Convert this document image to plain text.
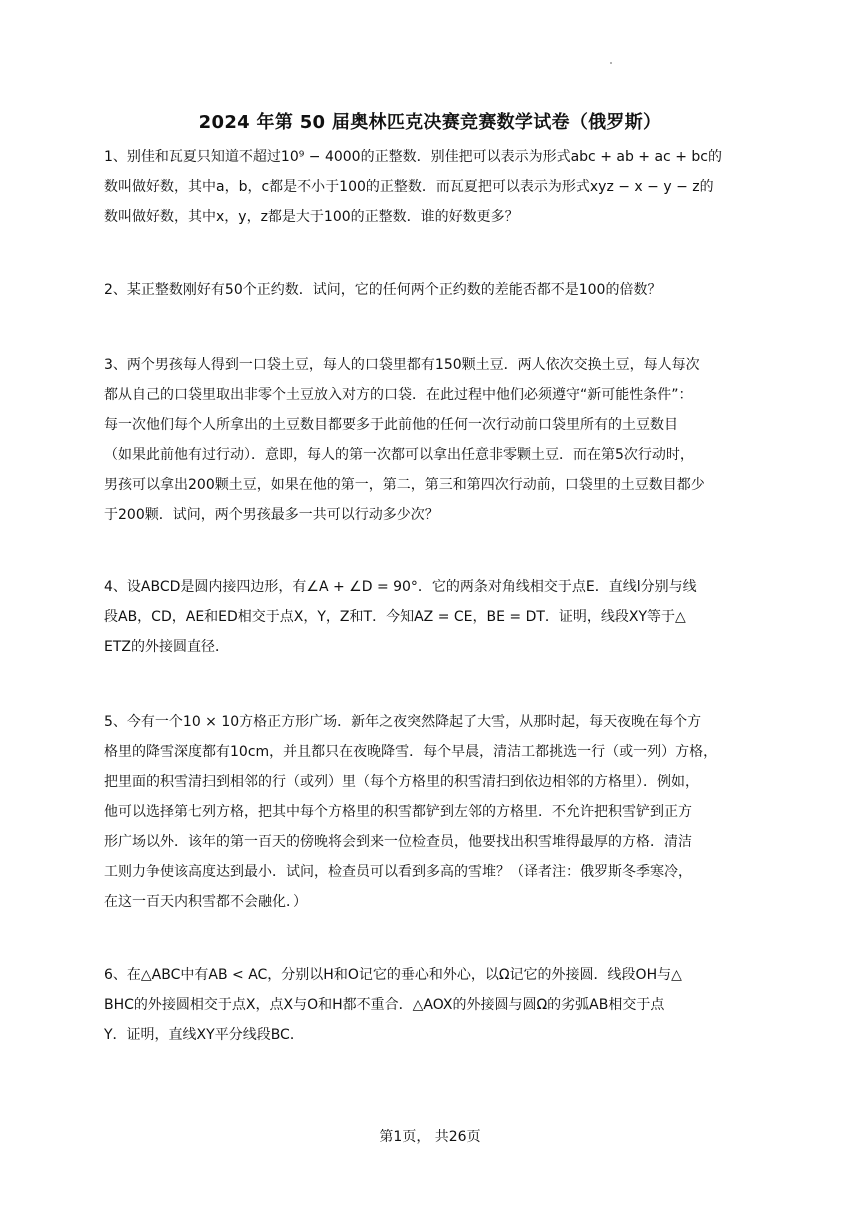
2024 年第 50 届奥林匹克决赛竞赛数学试卷（俄罗斯）
1、别佳和瓦夏只知道不超过10⁹ − 4000的正整数．别佳把可以表示为形式abc + ab + ac + bc的
数叫做好数，其中a，b，c都是不小于100的正整数．而瓦夏把可以表示为形式xyz − x − y − z的
数叫做好数，其中x，y，z都是大于100的正整数．谁的好数更多？
2、某正整数刚好有50个正约数．试问，它的任何两个正约数的差能否都不是100的倍数？
3、两个男孩每人得到一口袋土豆，每人的口袋里都有150颗土豆．两人依次交换土豆，每人每次
都从自己的口袋里取出非零个土豆放入对方的口袋．在此过程中他们必须遵守“新可能性条件”：
每一次他们每个人所拿出的土豆数目都要多于此前他的任何一次行动前口袋里所有的土豆数目
（如果此前他有过行动）．意即，每人的第一次都可以拿出任意非零颗土豆．而在第5次行动时，
男孩可以拿出200颗土豆，如果在他的第一，第二，第三和第四次行动前，口袋里的土豆数目都少
于200颗．试问，两个男孩最多一共可以行动多少次？
4、设ABCD是圆内接四边形，有∠A + ∠D = 90°．它的两条对角线相交于点E．直线l分别与线
段AB，CD，AE和ED相交于点X，Y，Z和T．今知AZ = CE，BE = DT．证明，线段XY等于△
ETZ的外接圆直径．
5、今有一个10 × 10方格正方形广场．新年之夜突然降起了大雪，从那时起，每天夜晚在每个方
格里的降雪深度都有10cm，并且都只在夜晚降雪．每个早晨，清洁工都挑选一行（或一列）方格，
把里面的积雪清扫到相邻的行（或列）里（每个方格里的积雪清扫到依边相邻的方格里）．例如，
他可以选择第七列方格，把其中每个方格里的积雪都铲到左邻的方格里．不允许把积雪铲到正方
形广场以外．该年的第一百天的傍晚将会到来一位检查员，他要找出积雪堆得最厚的方格．清洁
工则力争使该高度达到最小．试问，检查员可以看到多高的雪堆？（译者注：俄罗斯冬季寒冷，
在这一百天内积雪都不会融化．）
6、在△ABC中有AB < AC，分别以H和O记它的垂心和外心，以Ω记它的外接圆．线段OH与△
BHC的外接圆相交于点X，点X与O和H都不重合．△AOX的外接圆与圆Ω的劣弧AB相交于点
Y．证明，直线XY平分线段BC．
第1页， 共26页
